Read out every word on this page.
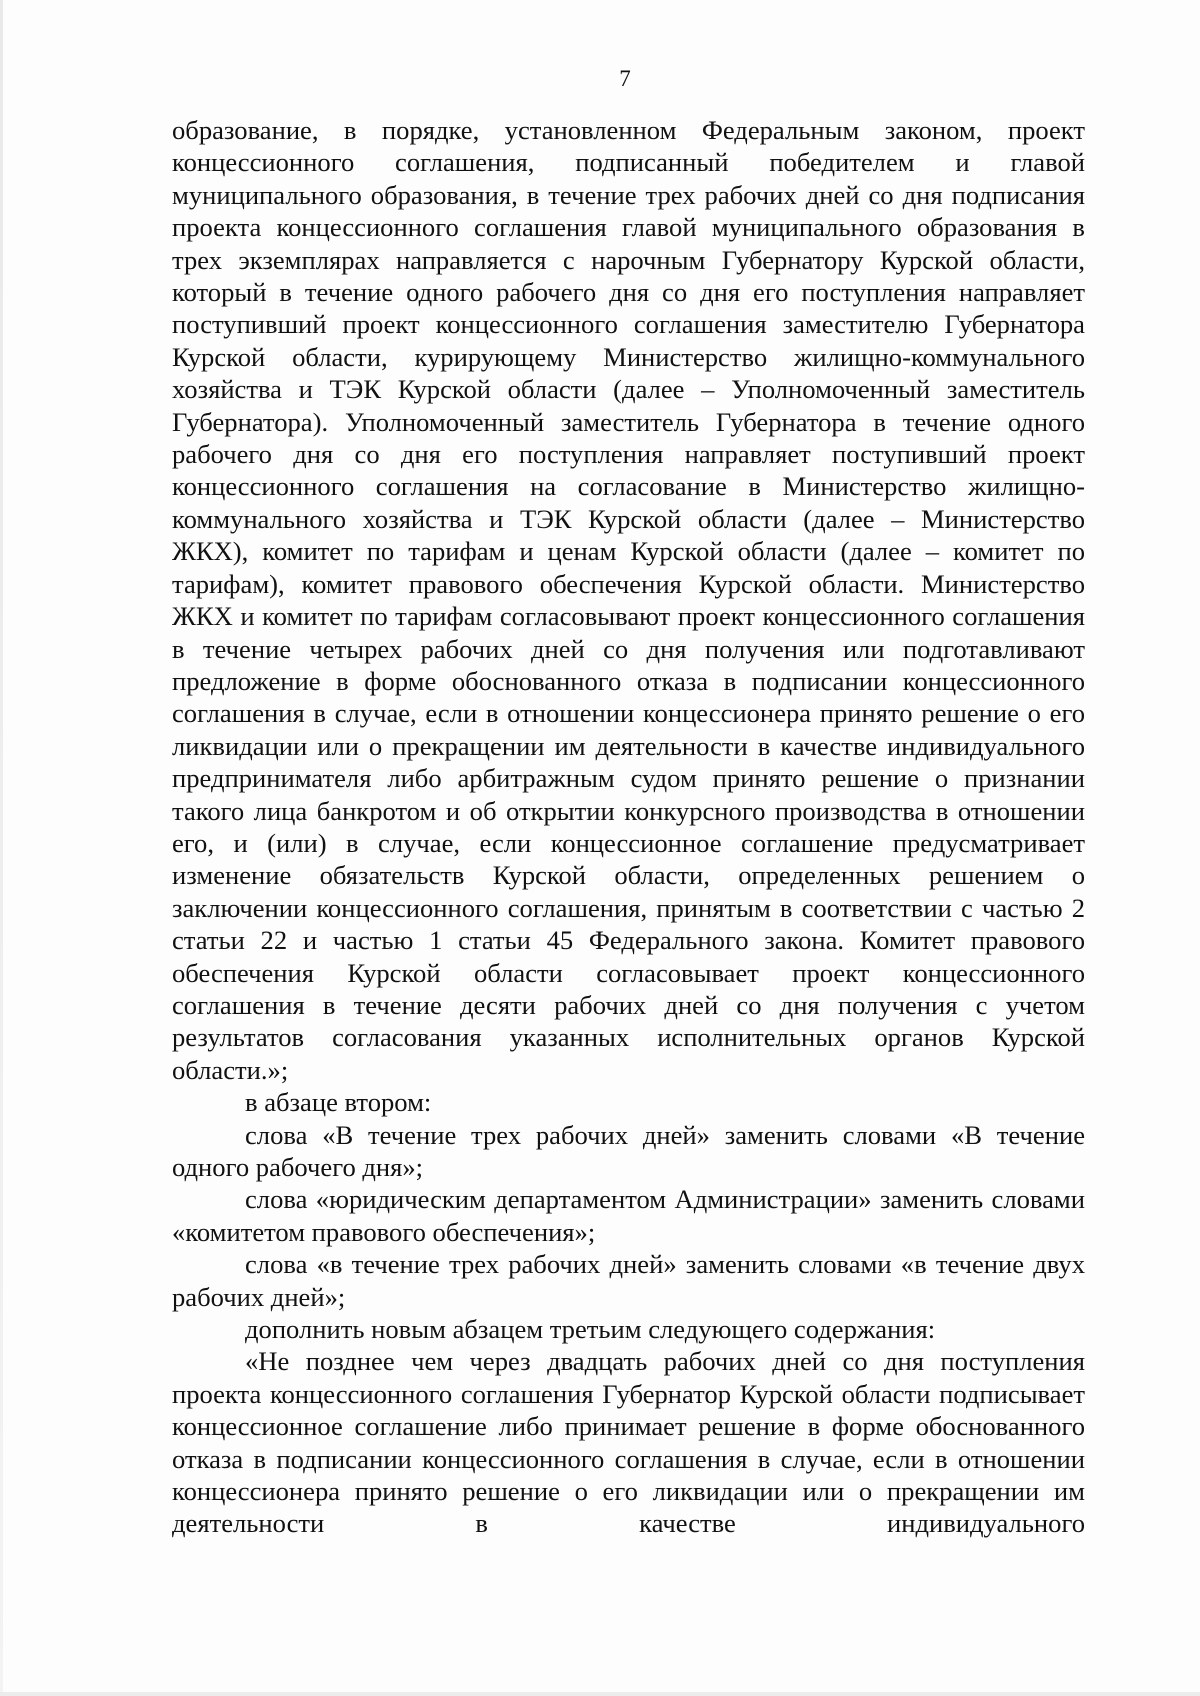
7

образование, в порядке, установленном Федеральным законом, проект концессионного соглашения, подписанный победителем и главой муниципального образования, в течение трех рабочих дней со дня подписания проекта концессионного соглашения главой муниципального образования в трех экземплярах направляется с нарочным Губернатору Курской области, который в течение одного рабочего дня со дня его поступления направляет поступивший проект концессионного соглашения заместителю Губернатора Курской области, курирующему Министерство жилищно-коммунального хозяйства и ТЭК Курской области (далее – Уполномоченный заместитель Губернатора). Уполномоченный заместитель Губернатора в течение одного рабочего дня со дня его поступления направляет поступивший проект концессионного соглашения на согласование в Министерство жилищно-коммунального хозяйства и ТЭК Курской области (далее – Министерство ЖКХ), комитет по тарифам и ценам Курской области (далее – комитет по тарифам), комитет правового обеспечения Курской области. Министерство ЖКХ и комитет по тарифам согласовывают проект концессионного соглашения в течение четырех рабочих дней со дня получения или подготавливают предложение в форме обоснованного отказа в подписании концессионного соглашения в случае, если в отношении концессионера принято решение о его ликвидации или о прекращении им деятельности в качестве индивидуального предпринимателя либо арбитражным судом принято решение о признании такого лица банкротом и об открытии конкурсного производства в отношении его, и (или) в случае, если концессионное соглашение предусматривает изменение обязательств Курской области, определенных решением о заключении концессионного соглашения, принятым в соответствии с частью 2 статьи 22 и частью 1 статьи 45 Федерального закона. Комитет правового обеспечения Курской области согласовывает проект концессионного соглашения в течение десяти рабочих дней со дня получения с учетом результатов согласования указанных исполнительных органов Курской области.»;

в абзаце втором:

слова «В течение трех рабочих дней» заменить словами «В течение одного рабочего дня»;

слова «юридическим департаментом Администрации» заменить словами «комитетом правового обеспечения»;

слова «в течение трех рабочих дней» заменить словами «в течение двух рабочих дней»;

дополнить новым абзацем третьим следующего содержания:

«Не позднее чем через двадцать рабочих дней со дня поступления проекта концессионного соглашения Губернатор Курской области подписывает концессионное соглашение либо принимает решение в форме обоснованного отказа в подписании концессионного соглашения в случае, если в отношении концессионера принято решение о его ликвидации или о прекращении им деятельности в качестве индивидуального
